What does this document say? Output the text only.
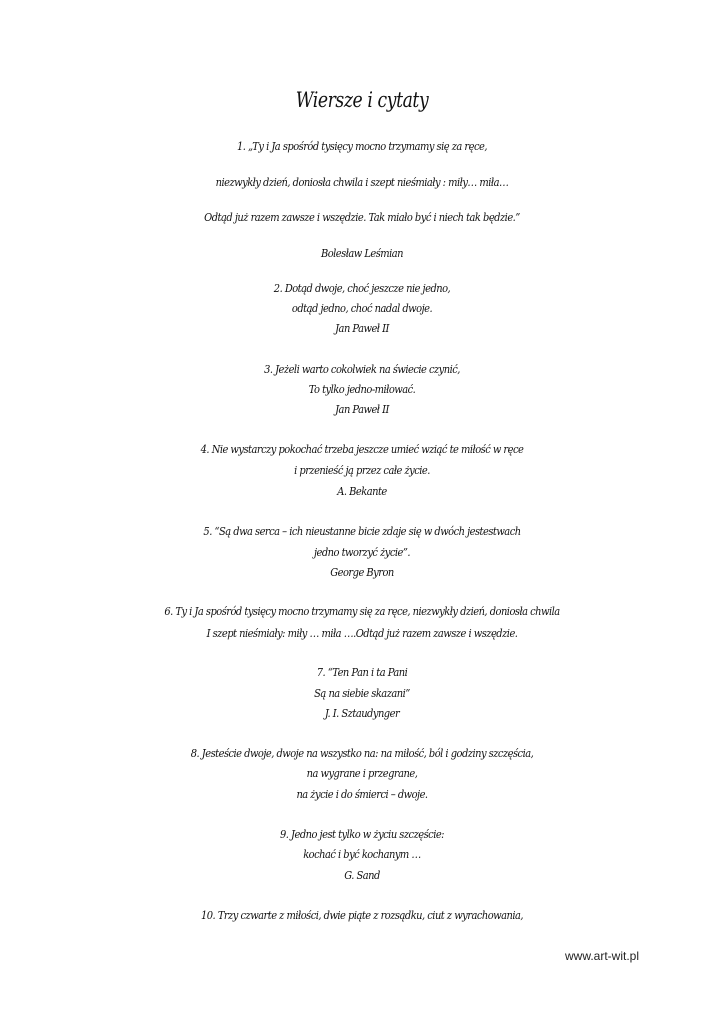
Wiersze i cytaty
1. „Ty i Ja spośród tysięcy mocno trzymamy się za ręce,
niezwykły dzień, doniosła chwila i szept nieśmiały : miły… miła…
Odtąd już razem zawsze i wszędzie. Tak miało być i niech tak będzie.”
Bolesław Leśmian
2. Dotąd dwoje, choć jeszcze nie jedno,
odtąd jedno, choć nadal dwoje.
Jan Paweł II
3. Jeżeli warto cokolwiek na świecie czynić,
To tylko jedno-miłować.
Jan Paweł II
4. Nie wystarczy pokochać trzeba jeszcze umieć wziąć te miłość w ręce
i przenieść ją przez całe życie.
A. Bekante
5. “Są dwa serca – ich nieustanne bicie zdaje się w dwóch jestestwach
jedno tworzyć życie”.
George Byron
6. Ty i Ja spośród tysięcy mocno trzymamy się za ręce, niezwykły dzień, doniosła chwila
I szept nieśmiały: miły … miła ….Odtąd już razem zawsze i wszędzie.
7. “Ten Pan i ta Pani
Są na siebie skazani”
J. I. Sztaudynger
8. Jesteście dwoje, dwoje na wszystko na: na miłość, ból i godziny szczęścia,
na wygrane i przegrane,
na życie i do śmierci – dwoje.
9. Jedno jest tylko w życiu szczęście:
kochać i być kochanym …
G. Sand
10. Trzy czwarte z miłości, dwie piąte z rozsądku, ciut z wyrachowania,
www.art-wit.pl
